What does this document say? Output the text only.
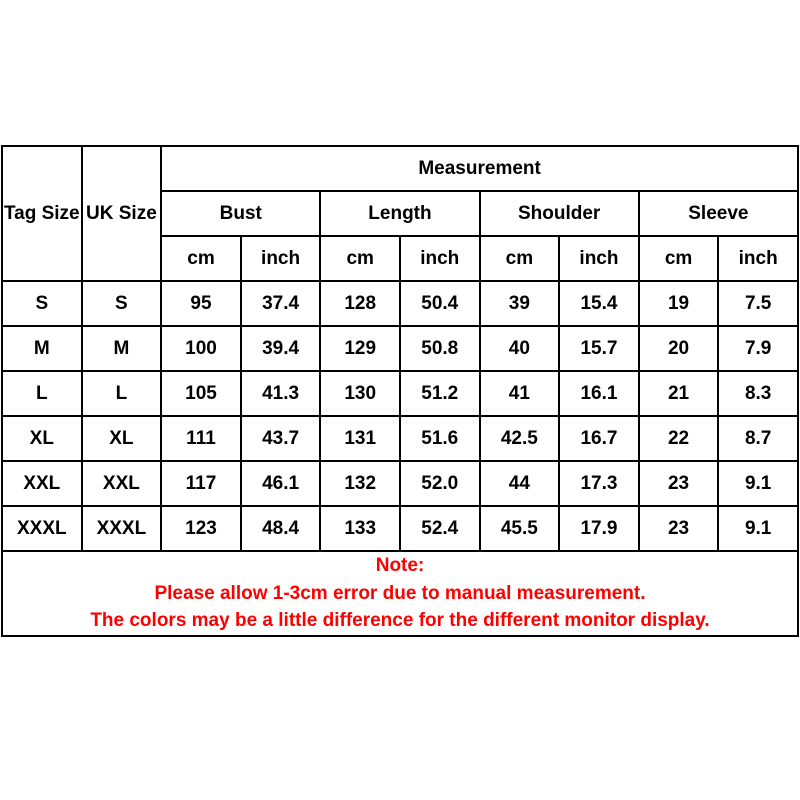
Tag Size	UK Size	Measurement							
		Bust		Length		Shoulder		Sleeve	
		cm	inch	cm	inch	cm	inch	cm	inch
S	S	95	37.4	128	50.4	39	15.4	19	7.5
M	M	100	39.4	129	50.8	40	15.7	20	7.9
L	L	105	41.3	130	51.2	41	16.1	21	8.3
XL	XL	111	43.7	131	51.6	42.5	16.7	22	8.7
XXL	XXL	117	46.1	132	52.0	44	17.3	23	9.1
XXXL	XXXL	123	48.4	133	52.4	45.5	17.9	23	9.1

Note:
Please allow 1-3cm error due to manual measurement.
The colors may be a little difference for the different monitor display.									
